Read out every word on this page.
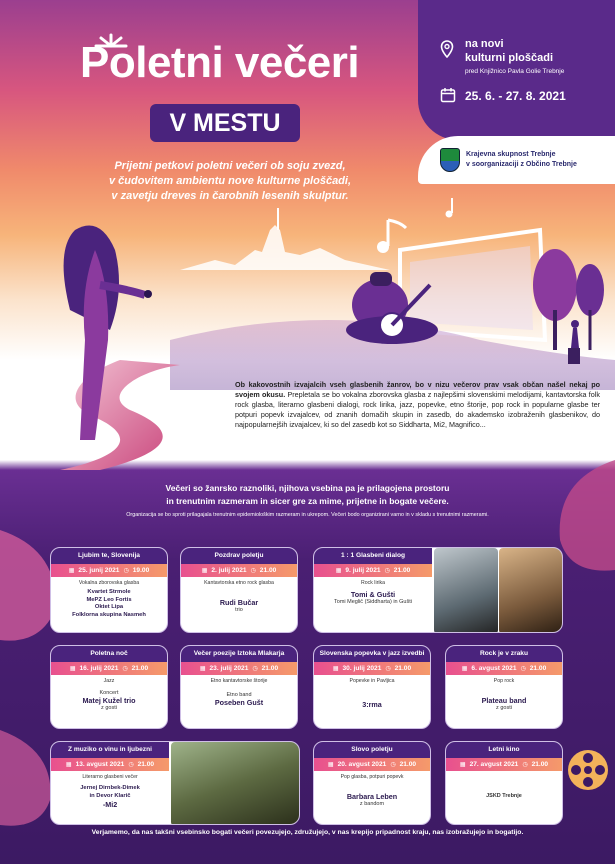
na novi
kulturni ploščadi
pred Knjižnico Pavla Golie Trebnje
25. 6. - 27. 8. 2021
Krajevna skupnost Trebnje
v soorganizaciji z Občino Trebnje
Poletni večeri
V MESTU
Prijetni petkovi poletni večeri ob soju zvezd,
v čudovitem ambientu nove kulturne ploščadi,
v zavetju dreves in čarobnih lesenih skulptur.
Ob kakovostnih izvajalcih vseh glasbenih žanrov, bo v nizu večerov prav vsak občan našel nekaj po svojem okusu. Prepletala se bo vokalna zborovska glasba z najlepšimi slovenskimi melodijami, kantavtorska folk rock glasba, literarno glasbeni dialogi, rock lirika, jazz, popevke, etno štorije, pop rock in popularne glasbe ter potpuri popevk izvajalcev, od znanih domačih skupin in zasedb, do akademsko izobraženih glasbenikov, do najpopularnejših izvajalcev, ki so del zasedb kot so Siddharta, Mi2, Magnifico...
Večeri so žanrsko raznoliki, njihova vsebina pa je prilagojena prostoru
in trenutnim razmeram in sicer gre za mime, prijetne in bogate večere.
Organizacija se bo sproti prilagajala trenutnim epidemiološkim razmeram in ukrepom. Večeri bodo organizirani varno in v skladu s trenutnimi razmerami.
Ljubim te, Slovenija
▦ 25. junij 2021 ◷ 19.00
Vokalna zborovska glasba
Kvartet Strmole
MePZ Leo Fortis
Oktet Lipa
Folklorna skupina Nasmeh
Pozdrav poletju
▦ 2. julij 2021 ◷ 21.00
Kantavtorska etno rock glasba
Rudi Bučar
trio
1 : 1 Glasbeni dialog
▦ 9. julij 2021 ◷ 21.00
Rock lirika
Tomi & Gušti
Tomi Meglič (Siddharta) in Gušti
Poletna noč
▦ 16. julij 2021 ◷ 21.00
Jazz
Koncert
Matej Kužel trio
z gosti
Večer poezije Iztoka Mlakarja
▦ 23. julij 2021 ◷ 21.00
Etno kantavtorske štorije
Etno band
Poseben Gušt
Slovenska popevka v jazz izvedbi
▦ 30. julij 2021 ◷ 21.00
Popevke in Pavljica
3:rma
Rock je v zraku
▦ 6. avgust 2021 ◷ 21.00
Pop rock
Plateau band
z gosti
Z muziko o vinu in ljubezni
▦ 13. avgust 2021 ◷ 21.00
Literarno glasbeni večer
Jernej Dirnbek-Dimek
in Devor Klarič
-Mi2
Slovo poletju
▦ 20. avgust 2021 ◷ 21.00
Pop glasba, potpuri popevk
Barbara Leben
z bandom
Letni kino
▦ 27. avgust 2021 ◷ 21.00
JSKD Trebnje
Verjamemo, da nas takšni vsebinsko bogati večeri povezujejo, združujejo, v nas krepijo pripadnost kraju, nas izobražujejo in bogatijo.
